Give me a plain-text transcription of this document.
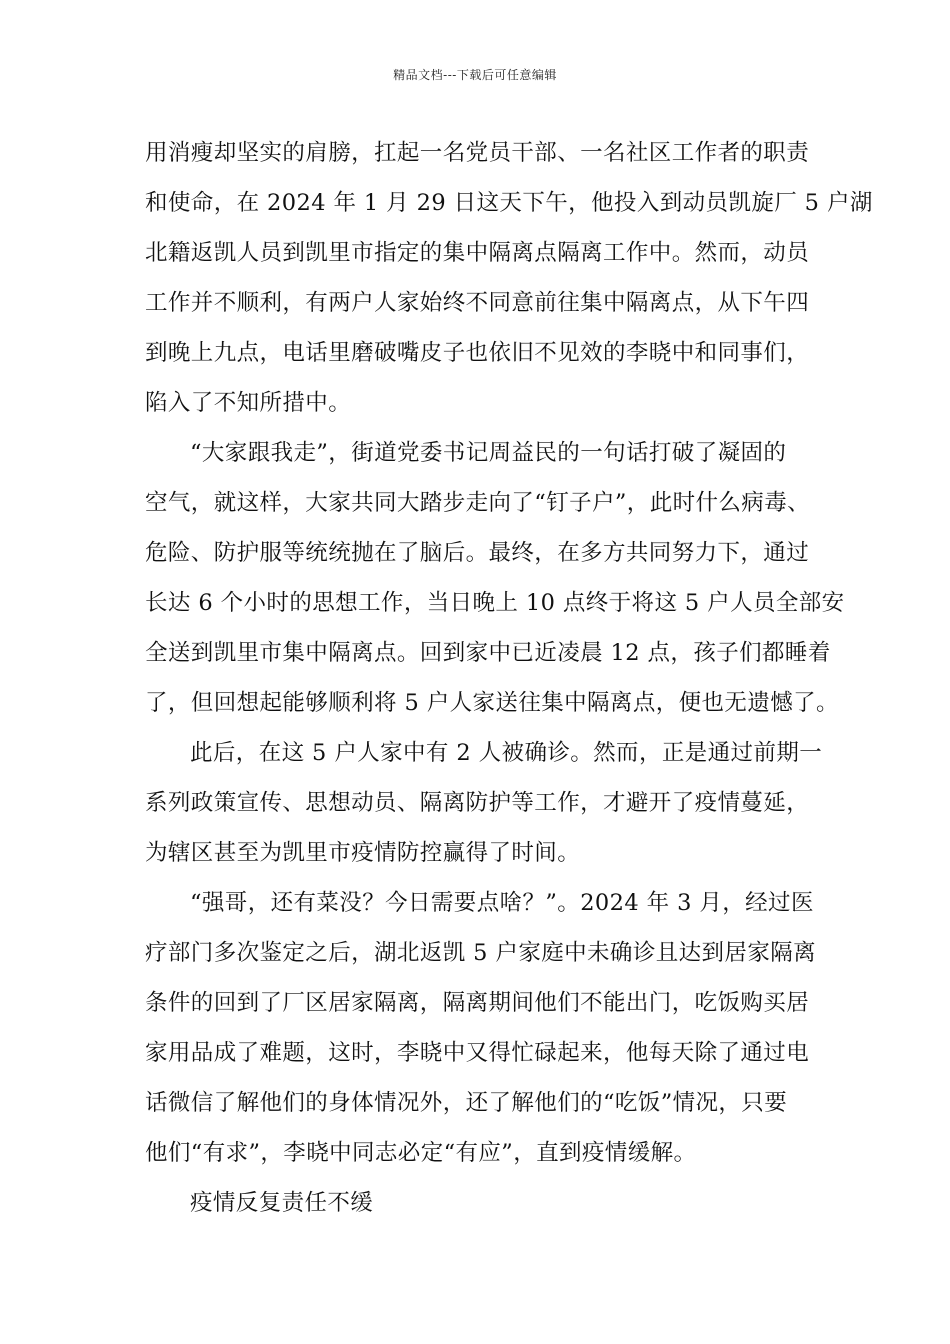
精品文档---下载后可任意编辑
用消瘦却坚实的肩膀，扛起一名党员干部、一名社区工作者的职责
和使命，在 2024 年 1 月 29 日这天下午，他投入到动员凯旋厂 5 户湖
北籍返凯人员到凯里市指定的集中隔离点隔离工作中。然而，动员
工作并不顺利，有两户人家始终不同意前往集中隔离点，从下午四
到晚上九点，电话里磨破嘴皮子也依旧不见效的李晓中和同事们，
陷入了不知所措中。
“大家跟我走”，街道党委书记周益民的一句话打破了凝固的
空气，就这样，大家共同大踏步走向了“钉子户”，此时什么病毒、
危险、防护服等统统抛在了脑后。最终，在多方共同努力下，通过
长达 6 个小时的思想工作，当日晚上 10 点终于将这 5 户人员全部安
全送到凯里市集中隔离点。回到家中已近凌晨 12 点，孩子们都睡着
了，但回想起能够顺利将 5 户人家送往集中隔离点，便也无遗憾了。
此后，在这 5 户人家中有 2 人被确诊。然而，正是通过前期一
系列政策宣传、思想动员、隔离防护等工作，才避开了疫情蔓延，
为辖区甚至为凯里市疫情防控赢得了时间。
“强哥，还有菜没？今日需要点啥？”。2024 年 3 月，经过医
疗部门多次鉴定之后，湖北返凯 5 户家庭中未确诊且达到居家隔离
条件的回到了厂区居家隔离，隔离期间他们不能出门，吃饭购买居
家用品成了难题，这时，李晓中又得忙碌起来，他每天除了通过电
话微信了解他们的身体情况外，还了解他们的“吃饭”情况，只要
他们“有求”，李晓中同志必定“有应”，直到疫情缓解。
疫情反复责任不缓
